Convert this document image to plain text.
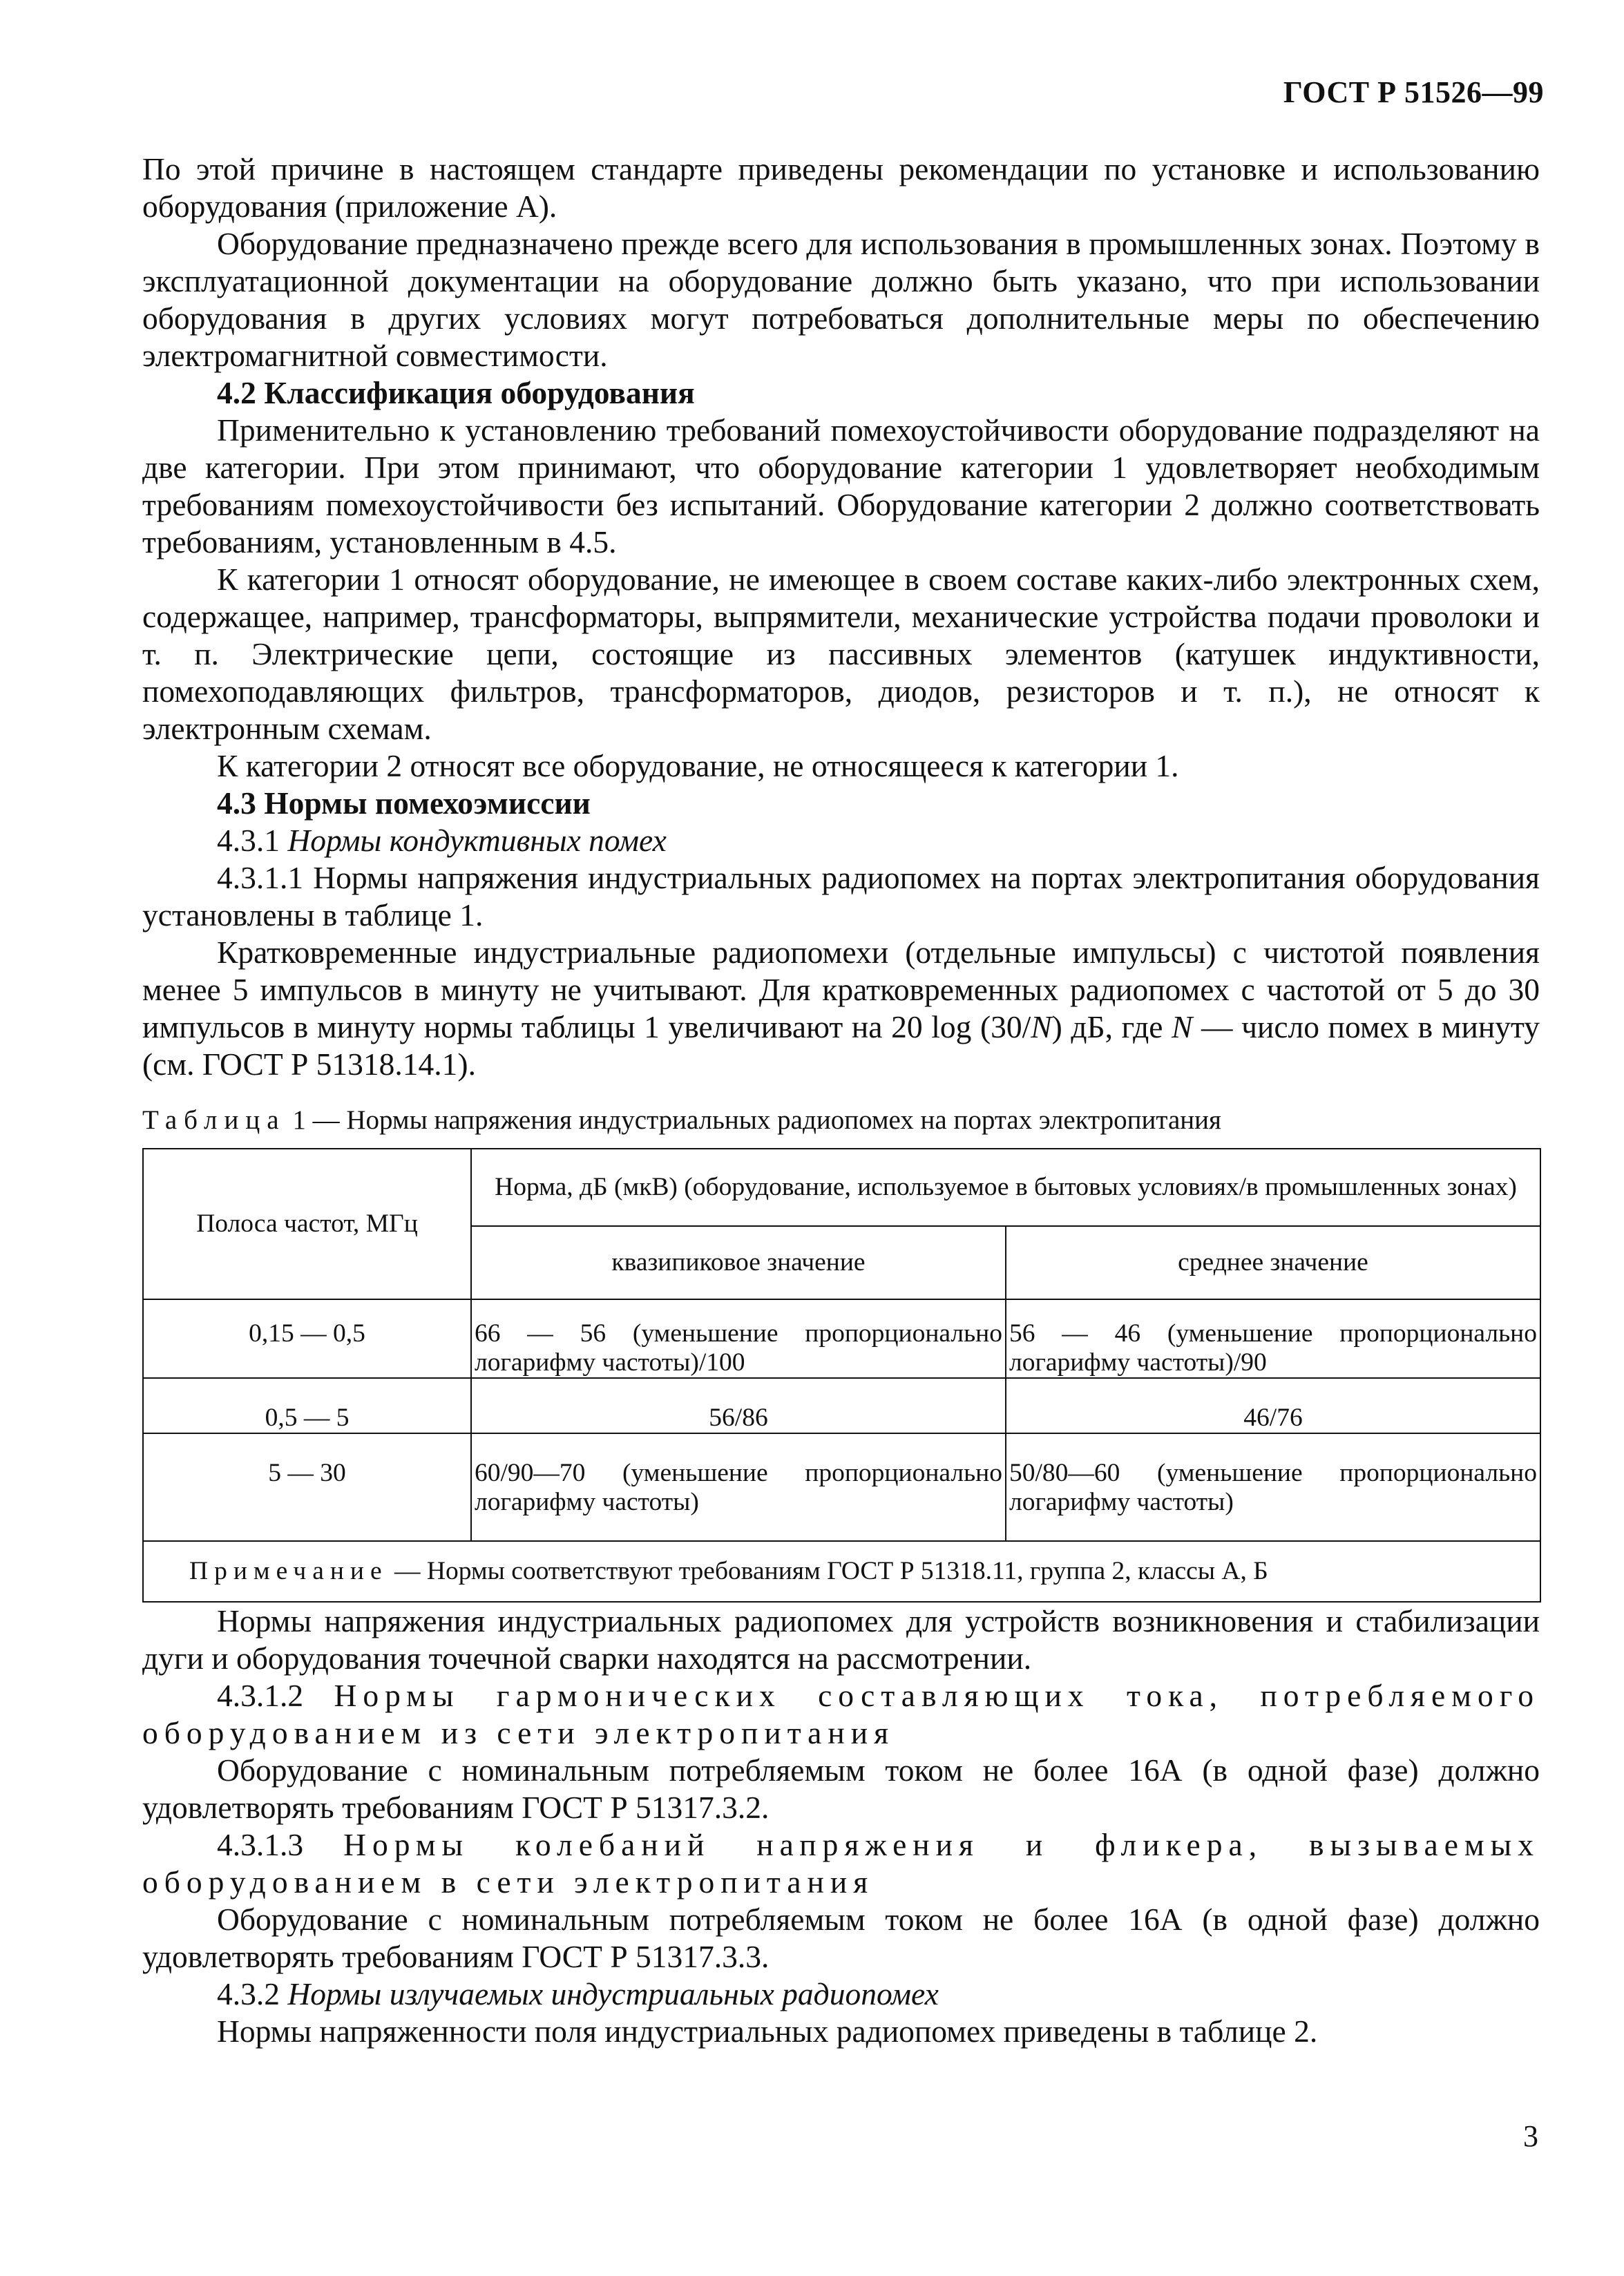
ГОСТ Р 51526—99

По этой причине в настоящем стандарте приведены рекомендации по установке и использованию оборудования (приложение А).

Оборудование предназначено прежде всего для использования в промышленных зонах. Поэтому в эксплуатационной документации на оборудование должно быть указано, что при использовании оборудования в других условиях могут потребоваться дополнительные меры по обеспечению электромагнитной совместимости.

4.2 Классификация оборудования

Применительно к установлению требований помехоустойчивости оборудование подразделяют на две категории. При этом принимают, что оборудование категории 1 удовлетворяет необходимым требованиям помехоустойчивости без испытаний. Оборудование категории 2 должно соответствовать требованиям, установленным в 4.5.

К категории 1 относят оборудование, не имеющее в своем составе каких-либо электронных схем, содержащее, например, трансформаторы, выпрямители, механические устройства подачи проволоки и т. п. Электрические цепи, состоящие из пассивных элементов (катушек индуктивности, помехоподавляющих фильтров, трансформаторов, диодов, резисторов и т. п.), не относят к электронным схемам.

К категории 2 относят все оборудование, не относящееся к категории 1.

4.3 Нормы помехоэмиссии

4.3.1 Нормы кондуктивных помех

4.3.1.1 Нормы напряжения индустриальных радиопомех на портах электропитания оборудования установлены в таблице 1.

Кратковременные индустриальные радиопомехи (отдельные импульсы) с чистотой появления менее 5 импульсов в минуту не учитывают. Для кратковременных радиопомех с частотой от 5 до 30 импульсов в минуту нормы таблицы 1 увеличивают на 20 log (30/N) дБ, где N — число помех в минуту (см. ГОСТ Р 51318.14.1).

Таблица 1 — Нормы напряжения индустриальных радиопомех на портах электропитания
Полоса частот, МГц	Норма, дБ (мкВ) (оборудование, используемое в бытовых условиях/в промышленных зонах)	
	квазипиковое значение	среднее значение
0,15 — 0,5	66 — 56 (уменьшение пропорционально логарифму частоты)/100	56 — 46 (уменьшение пропорционально логарифму частоты)/90
0,5 — 5	56/86	46/76
5 — 30	60/90—70 (уменьшение пропорционально логарифму частоты)	50/80—60 (уменьшение пропорционально логарифму частоты)
Примечание — Нормы соответствуют требованиям ГОСТ Р 51318.11, группа 2, классы А, Б		

Нормы напряжения индустриальных радиопомех для устройств возникновения и стабилизации дуги и оборудования точечной сварки находятся на рассмотрении.

4.3.1.2 Нормы гармонических составляющих тока, потребляемого оборудованием из сети электропитания

Оборудование с номинальным потребляемым током не более 16А (в одной фазе) должно удовлетворять требованиям ГОСТ Р 51317.3.2.

4.3.1.3 Нормы колебаний напряжения и фликера, вызываемых оборудованием в сети электропитания

Оборудование с номинальным потребляемым током не более 16А (в одной фазе) должно удовлетворять требованиям ГОСТ Р 51317.3.3.

4.3.2 Нормы излучаемых индустриальных радиопомех

Нормы напряженности поля индустриальных радиопомех приведены в таблице 2.

3
